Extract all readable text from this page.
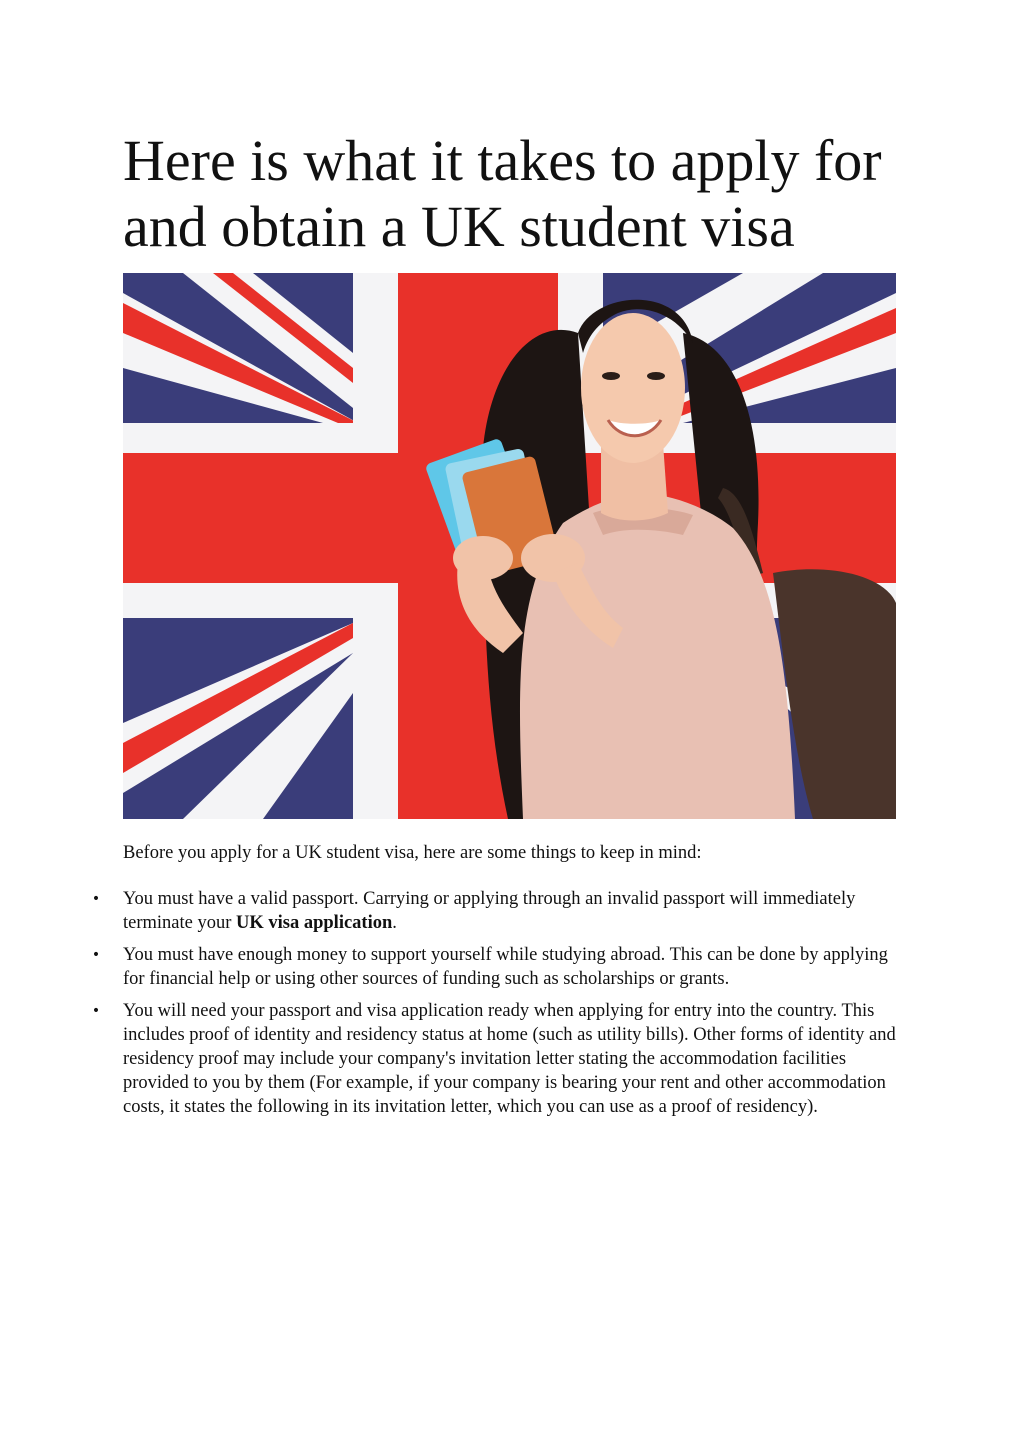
Here is what it takes to apply for and obtain a UK student visa

Before you apply for a UK student visa, here are some things to keep in mind:

• You must have a valid passport. Carrying or applying through an invalid passport will immediately terminate your UK visa application.
• You must have enough money to support yourself while studying abroad. This can be done by applying for financial help or using other sources of funding such as scholarships or grants.
• You will need your passport and visa application ready when applying for entry into the country. This includes proof of identity and residency status at home (such as utility bills). Other forms of identity and residency proof may include your company's invitation letter stating the accommodation facilities provided to you by them (For example, if your company is bearing your rent and other accommodation costs, it states the following in its invitation letter, which you can use as a proof of residency).
